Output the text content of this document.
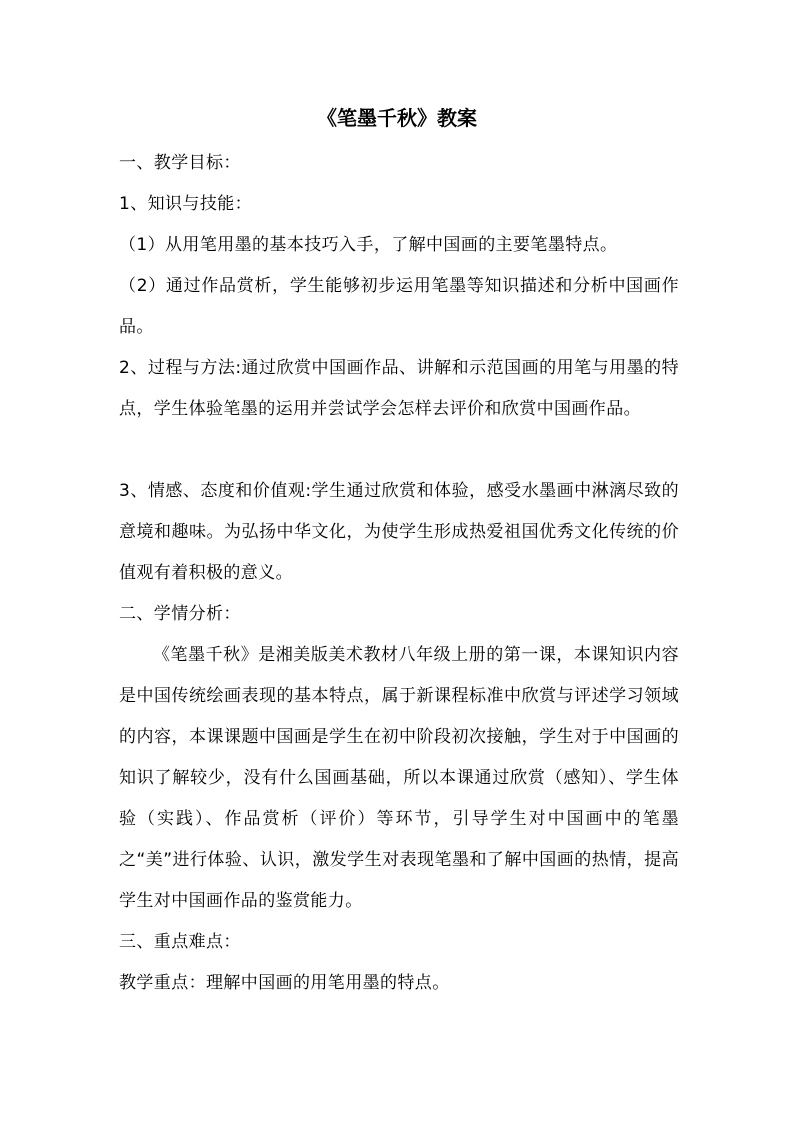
《笔墨千秋》教案
一、教学目标：
1、知识与技能：
（1）从用笔用墨的基本技巧入手，了解中国画的主要笔墨特点。

（2）通过作品赏析，学生能够初步运用笔墨等知识描述和分析中国画作品。

2、过程与方法:通过欣赏中国画作品、讲解和示范国画的用笔与用墨的特点，学生体验笔墨的运用并尝试学会怎样去评价和欣赏中国画作品。

3、情感、态度和价值观:学生通过欣赏和体验，感受水墨画中淋漓尽致的意境和趣味。为弘扬中华文化，为使学生形成热爱祖国优秀文化传统的价值观有着积极的意义。

二、学情分析：

《笔墨千秋》是湘美版美术教材八年级上册的第一课，本课知识内容是中国传统绘画表现的基本特点，属于新课程标准中欣赏与评述学习领域的内容，本课课题中国画是学生在初中阶段初次接触，学生对于中国画的知识了解较少，没有什么国画基础，所以本课通过欣赏（感知）、学生体验（实践）、作品赏析（评价）等环节，引导学生对中国画中的笔墨之“美”进行体验、认识，激发学生对表现笔墨和了解中国画的热情，提高学生对中国画作品的鉴赏能力。

三、重点难点：
教学重点：理解中国画的用笔用墨的特点。
